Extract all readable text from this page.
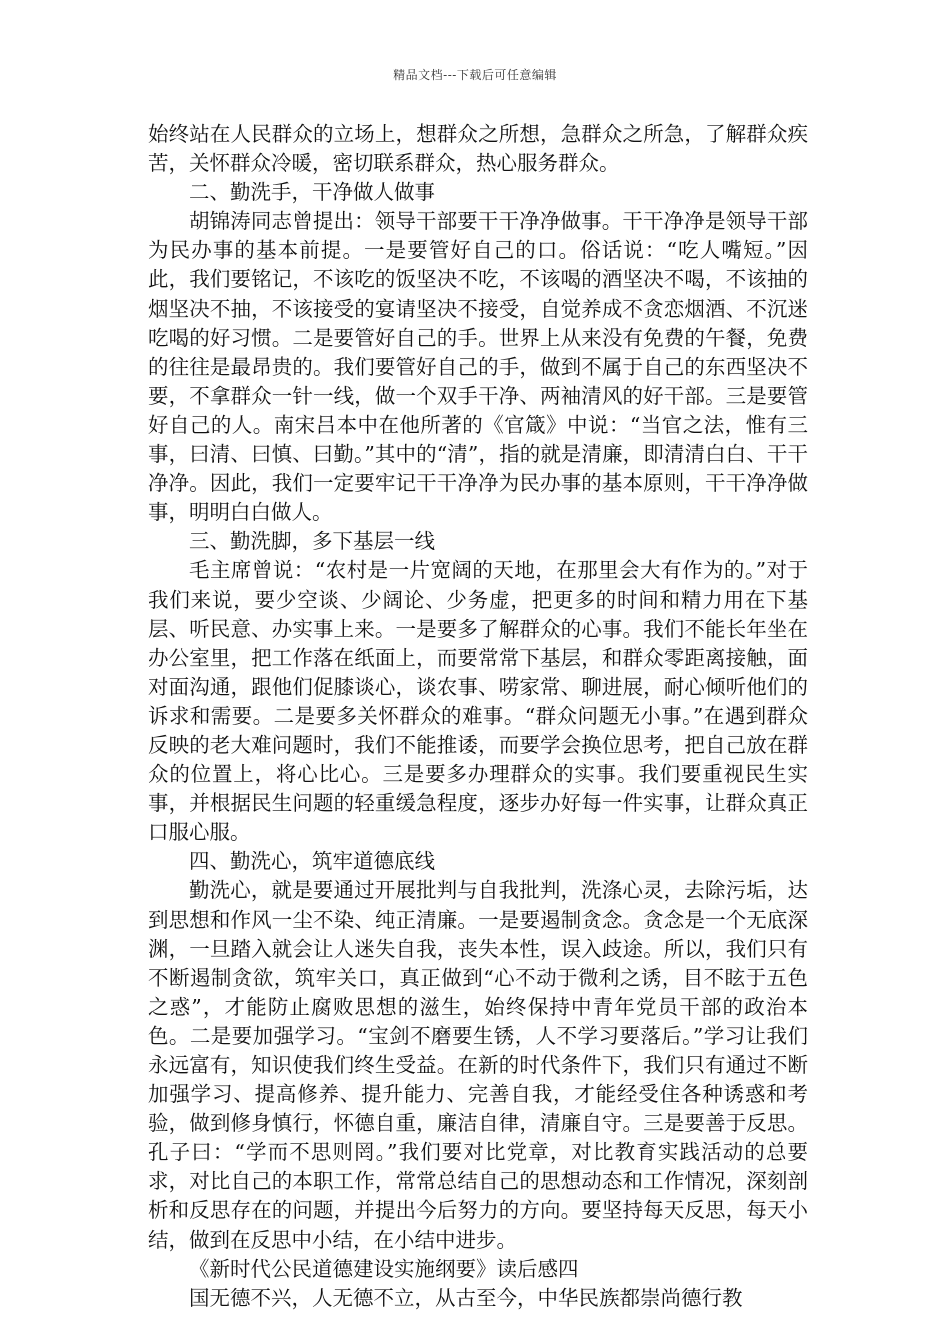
精品文档---下载后可任意编辑

始终站在人民群众的立场上，想群众之所想，急群众之所急，了解群众疾苦，关怀群众冷暖，密切联系群众，热心服务群众。

二、勤洗手，干净做人做事

胡锦涛同志曾提出：领导干部要干干净净做事。干干净净是领导干部为民办事的基本前提。一是要管好自己的口。俗话说：“吃人嘴短。”因此，我们要铭记，不该吃的饭坚决不吃，不该喝的酒坚决不喝，不该抽的烟坚决不抽，不该接受的宴请坚决不接受，自觉养成不贪恋烟酒、不沉迷吃喝的好习惯。二是要管好自己的手。世界上从来没有免费的午餐，免费的往往是最昂贵的。我们要管好自己的手，做到不属于自己的东西坚决不要，不拿群众一针一线，做一个双手干净、两袖清风的好干部。三是要管好自己的人。南宋吕本中在他所著的《官箴》中说：“当官之法，惟有三事，曰清、曰慎、曰勤。”其中的“清”，指的就是清廉，即清清白白、干干净净。因此，我们一定要牢记干干净净为民办事的基本原则，干干净净做事，明明白白做人。

三、勤洗脚，多下基层一线

毛主席曾说：“农村是一片宽阔的天地，在那里会大有作为的。”对于我们来说，要少空谈、少阔论、少务虚，把更多的时间和精力用在下基层、听民意、办实事上来。一是要多了解群众的心事。我们不能长年坐在办公室里，把工作落在纸面上，而要常常下基层，和群众零距离接触，面对面沟通，跟他们促膝谈心，谈农事、唠家常、聊进展，耐心倾听他们的诉求和需要。二是要多关怀群众的难事。“群众问题无小事。”在遇到群众反映的老大难问题时，我们不能推诿，而要学会换位思考，把自己放在群众的位置上，将心比心。三是要多办理群众的实事。我们要重视民生实事，并根据民生问题的轻重缓急程度，逐步办好每一件实事，让群众真正口服心服。

四、勤洗心，筑牢道德底线

勤洗心，就是要通过开展批判与自我批判，洗涤心灵，去除污垢，达到思想和作风一尘不染、纯正清廉。一是要遏制贪念。贪念是一个无底深渊，一旦踏入就会让人迷失自我，丧失本性，误入歧途。所以，我们只有不断遏制贪欲，筑牢关口，真正做到“心不动于微利之诱，目不眩于五色之惑”，才能防止腐败思想的滋生，始终保持中青年党员干部的政治本色。二是要加强学习。“宝剑不磨要生锈，人不学习要落后。”学习让我们永远富有，知识使我们终生受益。在新的时代条件下，我们只有通过不断加强学习、提高修养、提升能力、完善自我，才能经受住各种诱惑和考验，做到修身慎行，怀德自重，廉洁自律，清廉自守。三是要善于反思。孔子曰：“学而不思则罔。”我们要对比党章，对比教育实践活动的总要求，对比自己的本职工作，常常总结自己的思想动态和工作情况，深刻剖析和反思存在的问题，并提出今后努力的方向。要坚持每天反思，每天小结，做到在反思中小结，在小结中进步。

《新时代公民道德建设实施纲要》读后感四

国无德不兴，人无德不立，从古至今，中华民族都崇尚德行教
